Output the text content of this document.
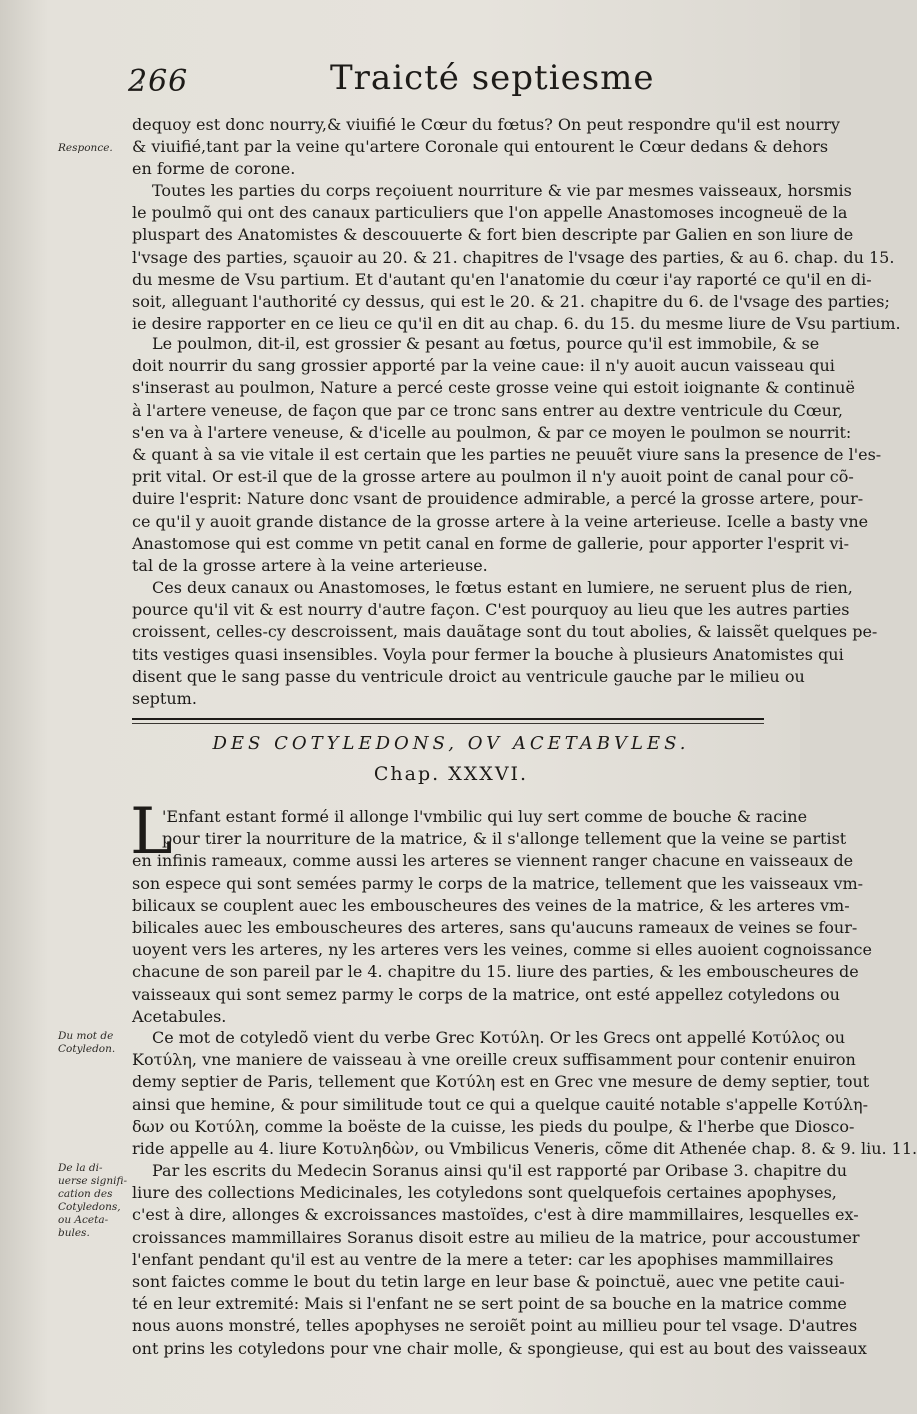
266	Traicté septiesme
Responce.
Du mot de Cotyledon.
De la di-uerse signifi-cation des Cotyledons, ou Aceta-bules.
dequoy est donc nourry,& viuifié le Cœur du fœtus? On peut respondre qu'il est nourry
& viuifié,tant par la veine qu'artere Coronale qui entourent le Cœur dedans & dehors
en forme de corone.
Toutes les parties du corps reçoiuent nourriture & vie par mesmes vaisseaux, horsmis
le poulmõ qui ont des canaux particuliers que l'on appelle Anastomoses incogneuë de la
pluspart des Anatomistes & descouuerte & fort bien descripte par Galien en son liure de
l'vsage des parties, sçauoir au 20. & 21. chapitres de l'vsage des parties, & au 6. chap. du 15.
du mesme de Vsu partium. Et d'autant qu'en l'anatomie du cœur i'ay raporté ce qu'il en di-
soit, alleguant l'authorité cy dessus, qui est le 20. & 21. chapitre du 6. de l'vsage des parties;
ie desire rapporter en ce lieu ce qu'il en dit au chap. 6. du 15. du mesme liure de Vsu partium.
Le poulmon, dit-il, est grossier & pesant au fœtus, pource qu'il est immobile, & se
doit nourrir du sang grossier apporté par la veine caue: il n'y auoit aucun vaisseau qui
s'inserast au poulmon, Nature a percé ceste grosse veine qui estoit ioignante & continuë
à l'artere veneuse, de façon que par ce tronc sans entrer au dextre ventricule du Cœur,
s'en va à l'artere veneuse, & d'icelle au poulmon, & par ce moyen le poulmon se nourrit:
& quant à sa vie vitale il est certain que les parties ne peuuẽt viure sans la presence de l'es-
prit vital. Or est-il que de la grosse artere au poulmon il n'y auoit point de canal pour cõ-
duire l'esprit: Nature donc vsant de prouidence admirable, a percé la grosse artere, pour-
ce qu'il y auoit grande distance de la grosse artere à la veine arterieuse. Icelle a basty vne
Anastomose qui est comme vn petit canal en forme de gallerie, pour apporter l'esprit vi-
tal de la grosse artere à la veine arterieuse.
Ces deux canaux ou Anastomoses, le fœtus estant en lumiere, ne seruent plus de rien,
pource qu'il vit & est nourry d'autre façon. C'est pourquoy au lieu que les autres parties
croissent, celles-cy descroissent, mais dauãtage sont du tout abolies, & laissẽt quelques pe-
tits vestiges quasi insensibles. Voyla pour fermer la bouche à plusieurs Anatomistes qui
disent que le sang passe du ventricule droict au ventricule gauche par le milieu ou
septum.
DES COTYLEDONS, OV ACETABVLES.
Chap. XXXVI.
L
'Enfant estant formé il allonge l'vmbilic qui luy sert comme de bouche & racine
pour tirer la nourriture de la matrice, & il s'allonge tellement que la veine se partist
en infinis rameaux, comme aussi les arteres se viennent ranger chacune en vaisseaux de
son espece qui sont semées parmy le corps de la matrice, tellement que les vaisseaux vm-
bilicaux se couplent auec les embouscheures des veines de la matrice, & les arteres vm-
bilicales auec les embouscheures des arteres, sans qu'aucuns rameaux de veines se four-
uoyent vers les arteres, ny les arteres vers les veines, comme si elles auoient cognoissance
chacune de son pareil par le 4. chapitre du 15. liure des parties, & les embouscheures de
vaisseaux qui sont semez parmy le corps de la matrice, ont esté appellez cotyledons ou
Acetabules.
Ce mot de cotyledõ vient du verbe Grec Κοτύλη. Or les Grecs ont appellé Κοτύλος ou
Κοτύλη, vne maniere de vaisseau à vne oreille creux suffisamment pour contenir enuiron
demy septier de Paris, tellement que Κοτύλη est en Grec vne mesure de demy septier, tout
ainsi que hemine, & pour similitude tout ce qui a quelque cauité notable s'appelle Κοτύλη-
δων ou Κοτύλη, comme la boëste de la cuisse, les pieds du poulpe, & l'herbe que Dioscο-
ride appelle au 4. liure Κοτυληδὼν, ou Vmbilicus Veneris, cõme dit Athenée chap. 8. & 9. liu. 11.
Par les escrits du Medecin Soranus ainsi qu'il est rapporté par Oribase 3. chapitre du
liure des collections Medicinales, les cotyledons sont quelquefois certaines apophyses,
c'est à dire, allonges & excroissances mastoïdes, c'est à dire mammillaires, lesquelles ex-
croissances mammillaires Soranus disoit estre au milieu de la matrice, pour accoustumer
l'enfant pendant qu'il est au ventre de la mere a teter: car les apophises mammillaires
sont faictes comme le bout du tetin large en leur base & poinctuë, auec vne petite caui-
té en leur extremité: Mais si l'enfant ne se sert point de sa bouche en la matrice comme
nous auons monstré, telles apophyses ne seroiẽt point au millieu pour tel vsage. D'autres
ont prins les cotyledons pour vne chair molle, & spongieuse, qui est au bout des vaisseaux
